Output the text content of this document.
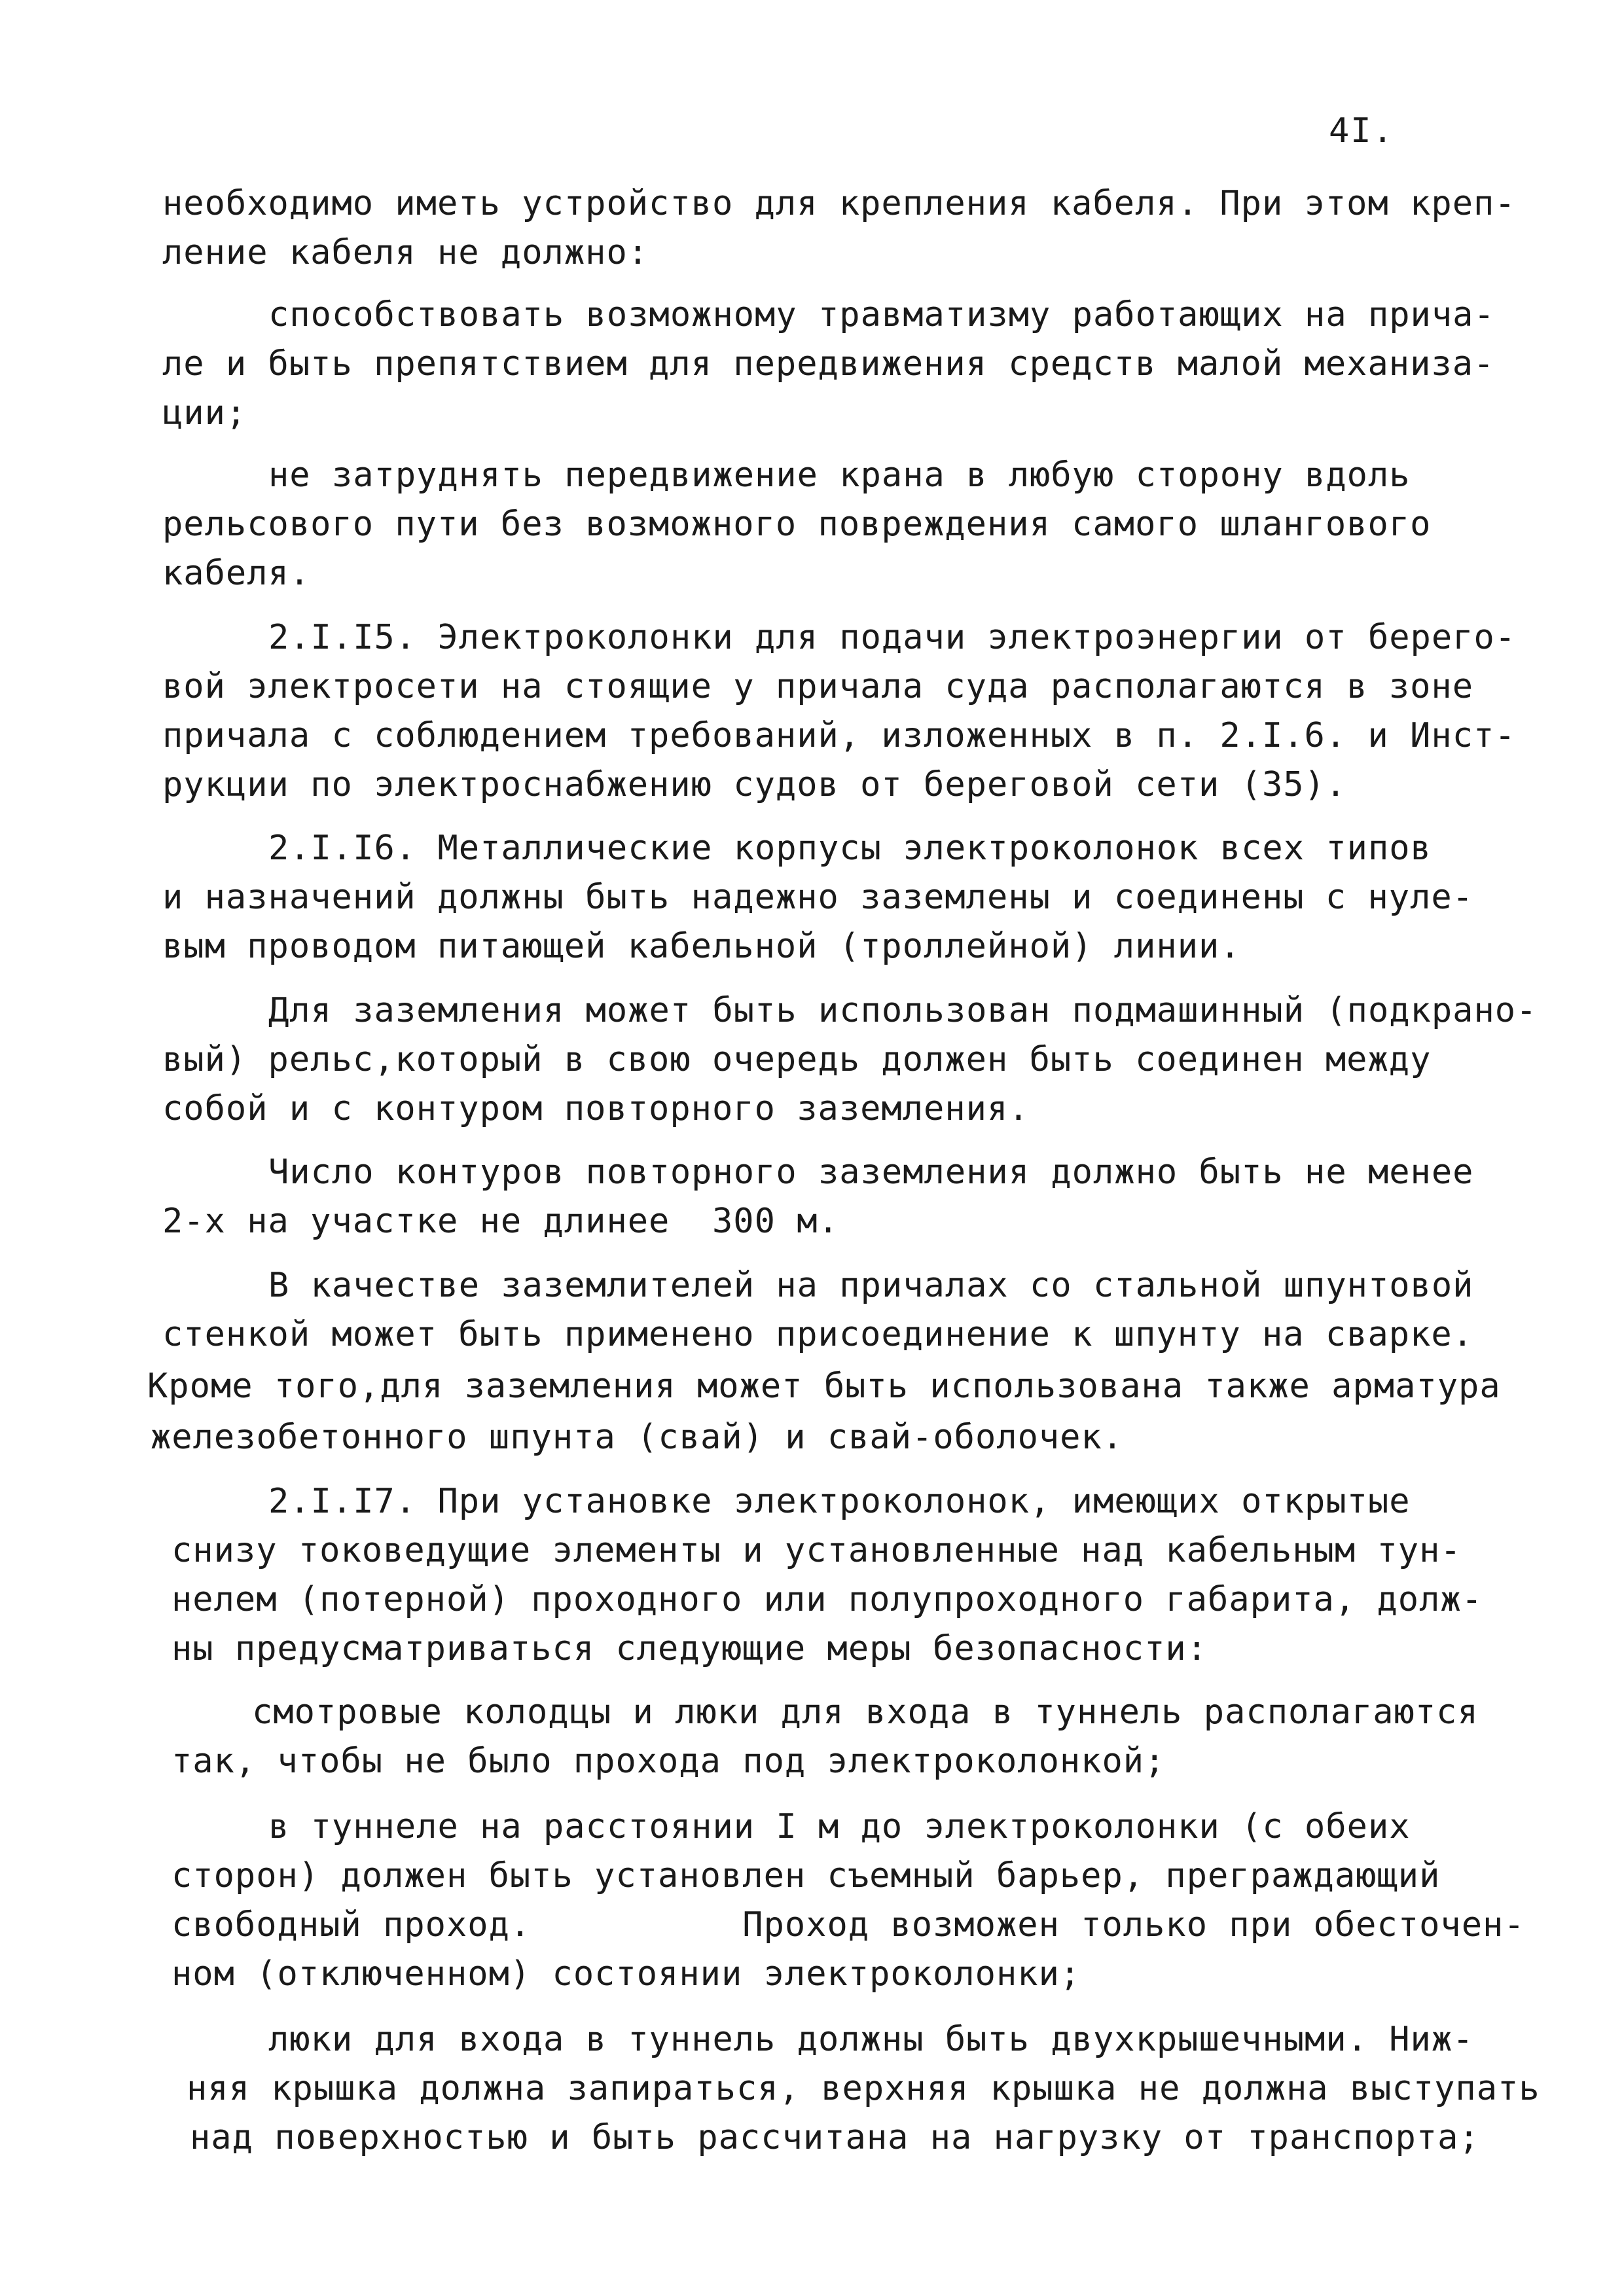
4I.
необходимо иметь устройство для крепления кабеля. При этом креп-
ление кабеля не должно:
способствовать возможному травматизму работающих на прича-
ле и быть препятствием для передвижения средств малой механиза-
ции;
не затруднять передвижение крана в любую сторону вдоль
рельсового пути без возможного повреждения самого шлангового
кабеля.
2.I.I5. Электроколонки для подачи электроэнергии от берего-
вой электросети на стоящие у причала суда располагаются в зоне
причала с соблюдением требований, изложенных в п. 2.I.6. и Инст-
рукции по электроснабжению судов от береговой сети (35).
2.I.I6. Металлические корпусы электроколонок всех типов
и назначений должны быть надежно заземлены и соединены с нуле-
вым проводом питающей кабельной (троллейной) линии.
Для заземления может быть использован подмашинный (подкрано-
вый) рельс,который в свою очередь должен быть соединен между
собой и с контуром повторного заземления.
Число контуров повторного заземления должно быть не менее
2-х на участке не длинее  300 м.
В качестве заземлителей на причалах со стальной шпунтовой
стенкой может быть применено присоединение к шпунту на сварке.
Кроме того,для заземления может быть использована также арматура
железобетонного шпунта (свай) и свай-оболочек.
2.I.I7. При установке электроколонок, имеющих открытые
снизу токоведущие элементы и установленные над кабельным тун-
нелем (потерной) проходного или полупроходного габарита, долж-
ны предусматриваться следующие меры безопасности:
смотровые колодцы и люки для входа в туннель располагаются
так, чтобы не было прохода под электроколонкой;
в туннеле на расстоянии I м до электроколонки (с обеих
сторон) должен быть установлен съемный барьер, преграждающий
свободный проход.          Проход возможен только при обесточен-
ном (отключенном) состоянии электроколонки;
люки для входа в туннель должны быть двухкрышечными. Ниж-
няя крышка должна запираться, верхняя крышка не должна выступать
над поверхностью и быть рассчитана на нагрузку от транспорта;
